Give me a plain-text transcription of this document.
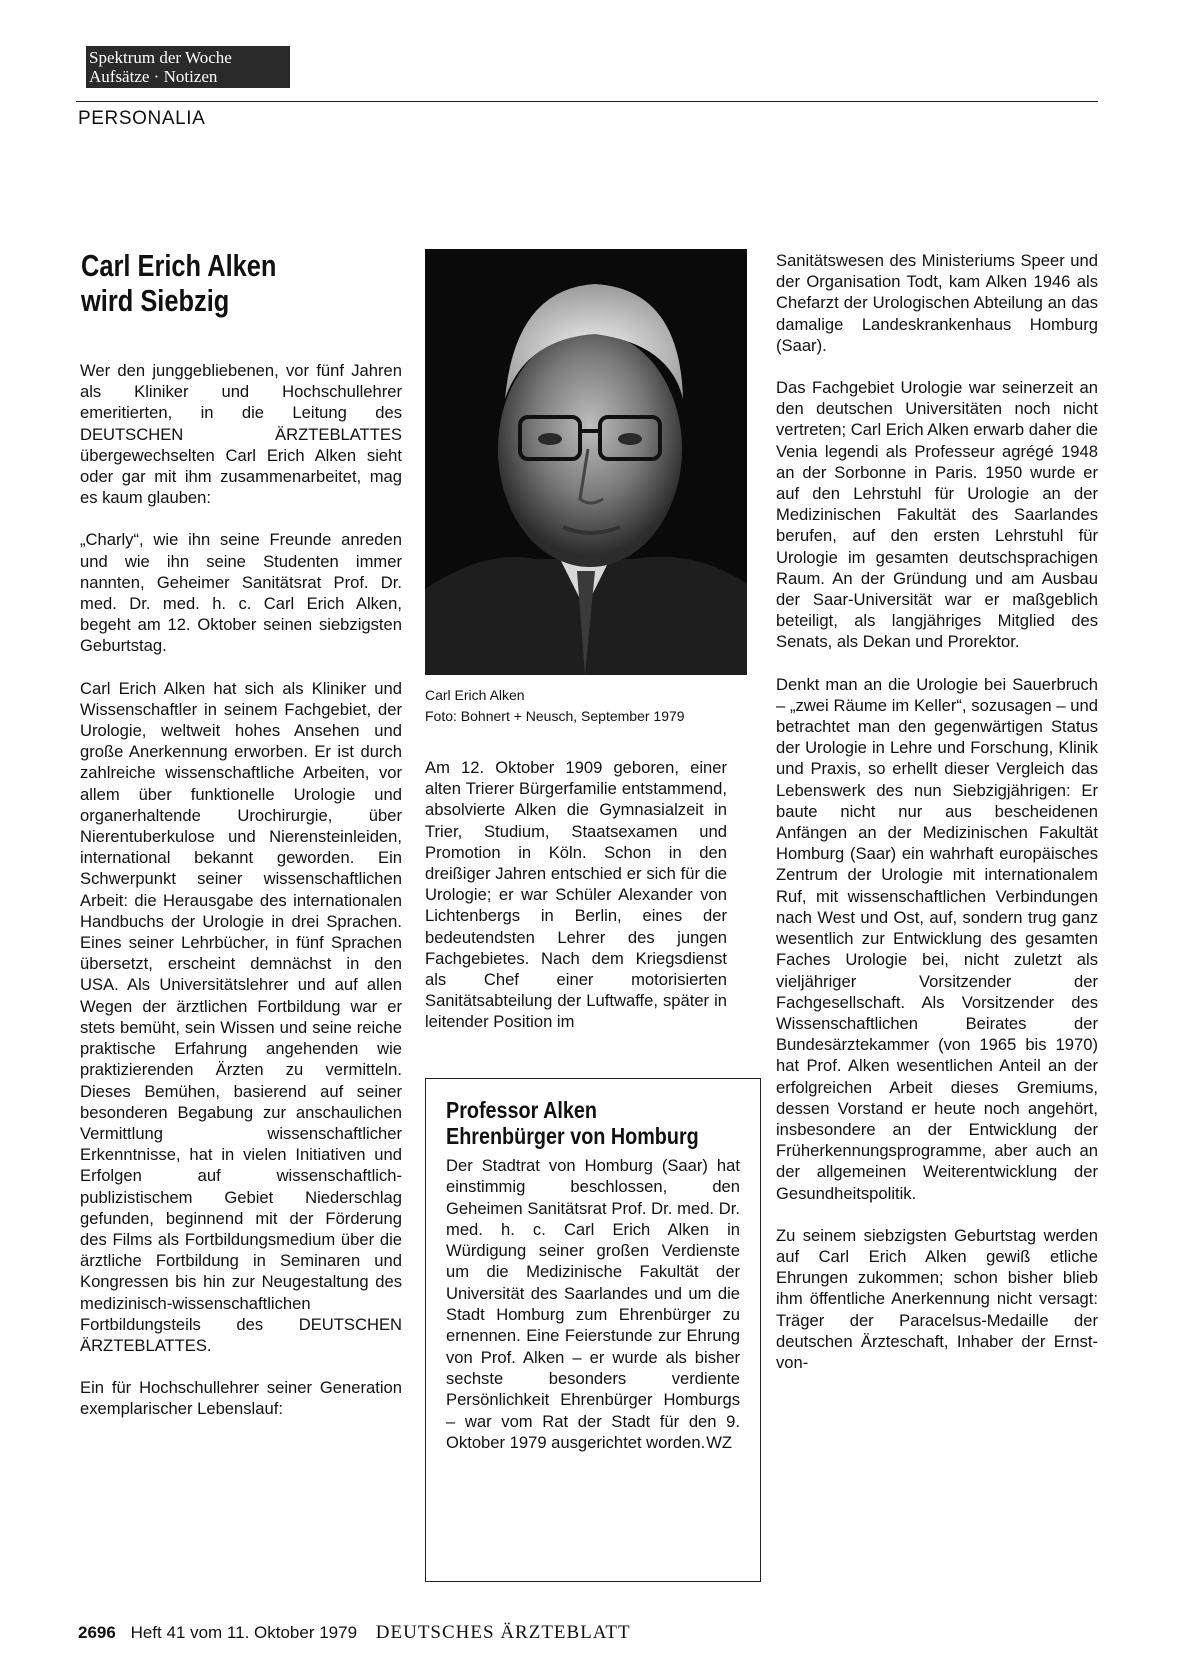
Spektrum der Woche
Aufsätze · Notizen
PERSONALIA
Carl Erich Alken
wird Siebzig

Wer den junggebliebenen, vor fünf Jahren als Kliniker und Hochschullehrer emeritierten, in die Leitung des DEUTSCHEN ÄRZTEBLATTES übergewechselten Carl Erich Alken sieht oder gar mit ihm zusammenarbeitet, mag es kaum glauben:

„Charly“, wie ihn seine Freunde anreden und wie ihn seine Studenten immer nannten, Geheimer Sanitätsrat Prof. Dr. med. Dr. med. h. c. Carl Erich Alken, begeht am 12. Oktober seinen siebzigsten Geburtstag.

Carl Erich Alken hat sich als Kliniker und Wissenschaftler in seinem Fachgebiet, der Urologie, weltweit hohes Ansehen und große Anerkennung erworben. Er ist durch zahlreiche wissenschaftliche Arbeiten, vor allem über funktionelle Urologie und organerhaltende Urochirurgie, über Nierentuberkulose und Nierensteinleiden, international bekannt geworden. Ein Schwerpunkt seiner wissenschaftlichen Arbeit: die Herausgabe des internationalen Handbuchs der Urologie in drei Sprachen. Eines seiner Lehrbücher, in fünf Sprachen übersetzt, erscheint demnächst in den USA. Als Universitätslehrer und auf allen Wegen der ärztlichen Fortbildung war er stets bemüht, sein Wissen und seine reiche praktische Erfahrung angehenden wie praktizierenden Ärzten zu vermitteln. Dieses Bemühen, basierend auf seiner besonderen Begabung zur anschaulichen Vermittlung wissenschaftlicher Erkenntnisse, hat in vielen Initiativen und Erfolgen auf wissenschaftlich-publizistischem Gebiet Niederschlag gefunden, beginnend mit der Förderung des Films als Fortbildungsmedium über die ärztliche Fortbildung in Seminaren und Kongressen bis hin zur Neugestaltung des medizinisch-wissenschaftlichen Fortbildungsteils des DEUTSCHEN ÄRZTEBLATTES.

Ein für Hochschullehrer seiner Generation exemplarischer Lebenslauf:

Carl Erich Alken
Foto: Bohnert + Neusch, September 1979

Am 12. Oktober 1909 geboren, einer alten Trierer Bürgerfamilie entstammend, absolvierte Alken die Gymnasialzeit in Trier, Studium, Staatsexamen und Promotion in Köln. Schon in den dreißiger Jahren entschied er sich für die Urologie; er war Schüler Alexander von Lichtenbergs in Berlin, eines der bedeutendsten Lehrer des jungen Fachgebietes. Nach dem Kriegsdienst als Chef einer motorisierten Sanitätsabteilung der Luftwaffe, später in leitender Position im

Professor Alken
Ehrenbürger von Homburg
Der Stadtrat von Homburg (Saar) hat einstimmig beschlossen, den Geheimen Sanitätsrat Prof. Dr. med. Dr. med. h. c. Carl Erich Alken in Würdigung seiner großen Verdienste um die Medizinische Fakultät der Universität des Saarlandes und um die Stadt Homburg zum Ehrenbürger zu ernennen. Eine Feierstunde zur Ehrung von Prof. Alken – er wurde als bisher sechste besonders verdiente Persönlichkeit Ehrenbürger Homburgs – war vom Rat der Stadt für den 9. Oktober 1979 ausgerichtet worden. WZ

Sanitätswesen des Ministeriums Speer und der Organisation Todt, kam Alken 1946 als Chefarzt der Urologischen Abteilung an das damalige Landeskrankenhaus Homburg (Saar).

Das Fachgebiet Urologie war seinerzeit an den deutschen Universitäten noch nicht vertreten; Carl Erich Alken erwarb daher die Venia legendi als Professeur agrégé 1948 an der Sorbonne in Paris. 1950 wurde er auf den Lehrstuhl für Urologie an der Medizinischen Fakultät des Saarlandes berufen, auf den ersten Lehrstuhl für Urologie im gesamten deutschsprachigen Raum. An der Gründung und am Ausbau der Saar-Universität war er maßgeblich beteiligt, als langjähriges Mitglied des Senats, als Dekan und Prorektor.

Denkt man an die Urologie bei Sauerbruch – „zwei Räume im Keller“, sozusagen – und betrachtet man den gegenwärtigen Status der Urologie in Lehre und Forschung, Klinik und Praxis, so erhellt dieser Vergleich das Lebenswerk des nun Siebzigjährigen: Er baute nicht nur aus bescheidenen Anfängen an der Medizinischen Fakultät Homburg (Saar) ein wahrhaft europäisches Zentrum der Urologie mit internationalem Ruf, mit wissenschaftlichen Verbindungen nach West und Ost, auf, sondern trug ganz wesentlich zur Entwicklung des gesamten Faches Urologie bei, nicht zuletzt als vieljähriger Vorsitzender der Fachgesellschaft. Als Vorsitzender des Wissenschaftlichen Beirates der Bundesärztekammer (von 1965 bis 1970) hat Prof. Alken wesentlichen Anteil an der erfolgreichen Arbeit dieses Gremiums, dessen Vorstand er heute noch angehört, insbesondere an der Entwicklung der Früherkennungsprogramme, aber auch an der allgemeinen Weiterentwicklung der Gesundheitspolitik.

Zu seinem siebzigsten Geburtstag werden auf Carl Erich Alken gewiß etliche Ehrungen zukommen; schon bisher blieb ihm öffentliche Anerkennung nicht versagt: Träger der Paracelsus-Medaille der deutschen Ärzteschaft, Inhaber der Ernst-von-

2696 Heft 41 vom 11. Oktober 1979 DEUTSCHES ÄRZTEBLATT
